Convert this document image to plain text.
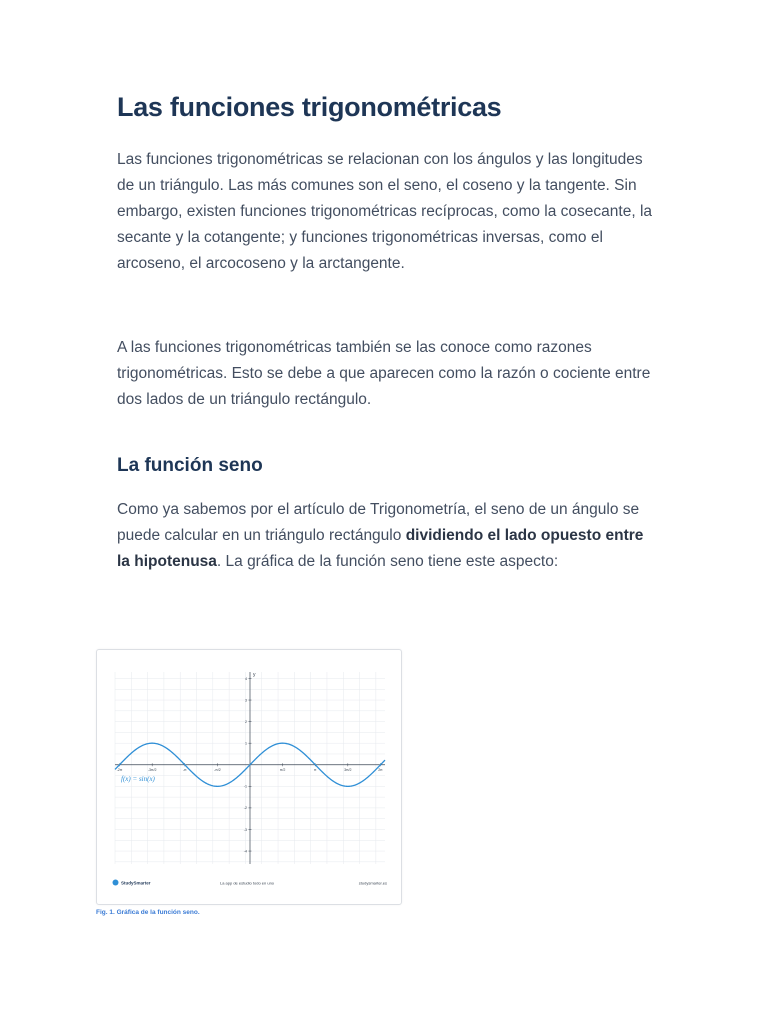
Las funciones trigonométricas

Las funciones trigonométricas se relacionan con los ángulos y las longitudes de un triángulo. Las más comunes son el seno, el coseno y la tangente. Sin embargo, existen funciones trigonométricas recíprocas, como la cosecante, la secante y la cotangente; y funciones trigonométricas inversas, como el arcoseno, el arcocoseno y la arctangente.

A las funciones trigonométricas también se las conoce como razones trigonométricas. Esto se debe a que aparecen como la razón o cociente entre dos lados de un triángulo rectángulo.

La función seno

Como ya sabemos por el artículo de Trigonometría, el seno de un ángulo se puede calcular en un triángulo rectángulo dividiendo el lado opuesto entre la hipotenusa. La gráfica de la función seno tiene este aspecto:

-2π	-3π/2	-π	-π/2	π/2	π	3π/2	2π
-4
-3
-2
-1
1
2
3
4
y
f(x) = sin(x)
StudySmarter	La app de estudio todo en uno	studysmarter.es
Fig. 1. Gráfica de la función seno.
